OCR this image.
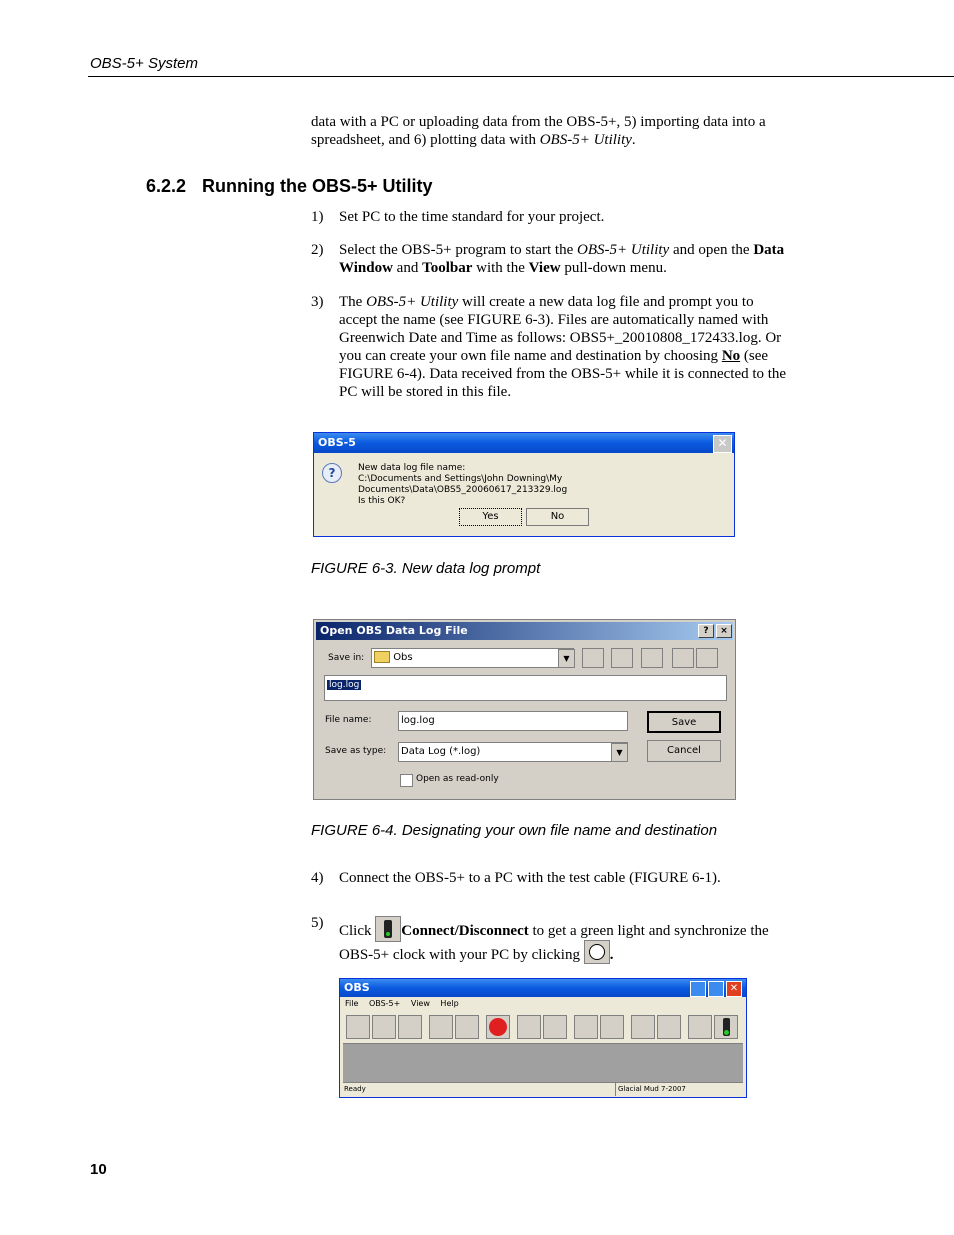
OBS-5+ System
data with a PC or uploading data from the OBS-5+, 5) importing data into a
spreadsheet, and 6) plotting data with OBS-5+ Utility.
6.2.2 Running the OBS-5+ Utility
1) Set PC to the time standard for your project.
2) Select the OBS-5+ program to start the OBS-5+ Utility and open the Data
Window and Toolbar with the View pull-down menu.
3) The OBS-5+ Utility will create a new data log file and prompt you to
accept the name (see FIGURE 6-3). Files are automatically named with
Greenwich Date and Time as follows: OBS5+_20010808_172433.log. Or
you can create your own file name and destination by choosing No (see
FIGURE 6-4). Data received from the OBS-5+ while it is connected to the
PC will be stored in this file.
OBS-5	✕
?	New data log file name:
C:\Documents and Settings\John Downing\My Documents\Data\OBS5_20060617_213329.log
Is this OK?
Yes	No
FIGURE 6-3. New data log prompt
Open OBS Data Log File	?	×
Save in:	Obs	▼
log.log
File name:	log.log
Save as type:	Data Log (*.log)	▼
Save
Cancel
Open as read-only
FIGURE 6-4. Designating your own file name and destination
4) Connect the OBS-5+ to a PC with the test cable (FIGURE 6-1).
5) Click
Connect/Disconnect to get a green light and synchronize the
OBS-5+ clock with your PC by clicking
.
OBS	✕
File OBS-5+ View Help
Ready	Glacial Mud 7-2007
10
